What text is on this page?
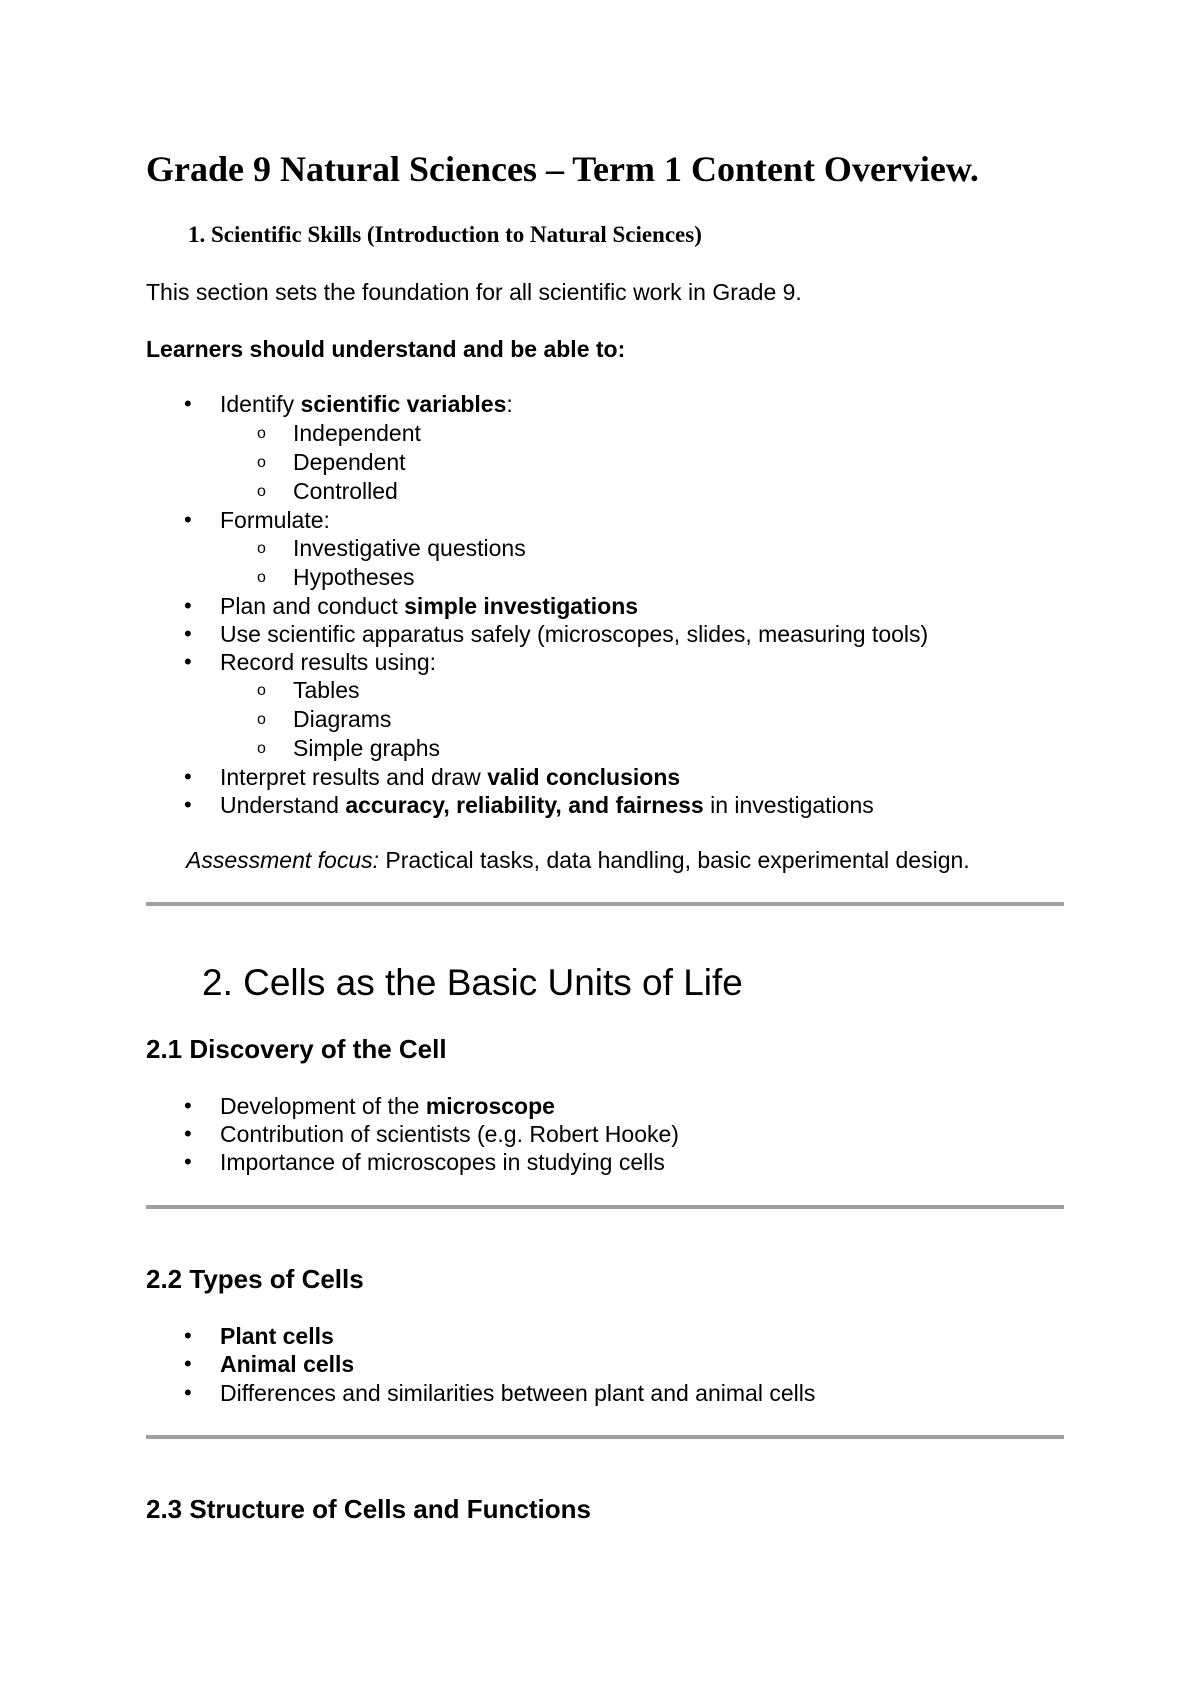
Grade 9 Natural Sciences – Term 1 Content Overview.
1. Scientific Skills (Introduction to Natural Sciences)
This section sets the foundation for all scientific work in Grade 9.
Learners should understand and be able to:
• Identify scientific variables:
o Independent
o Dependent
o Controlled
• Formulate:
o Investigative questions
o Hypotheses
• Plan and conduct simple investigations
• Use scientific apparatus safely (microscopes, slides, measuring tools)
• Record results using:
o Tables
o Diagrams
o Simple graphs
• Interpret results and draw valid conclusions
• Understand accuracy, reliability, and fairness in investigations
Assessment focus: Practical tasks, data handling, basic experimental design.
2. Cells as the Basic Units of Life
2.1 Discovery of the Cell
• Development of the microscope
• Contribution of scientists (e.g. Robert Hooke)
• Importance of microscopes in studying cells
2.2 Types of Cells
• Plant cells
• Animal cells
• Differences and similarities between plant and animal cells
2.3 Structure of Cells and Functions
